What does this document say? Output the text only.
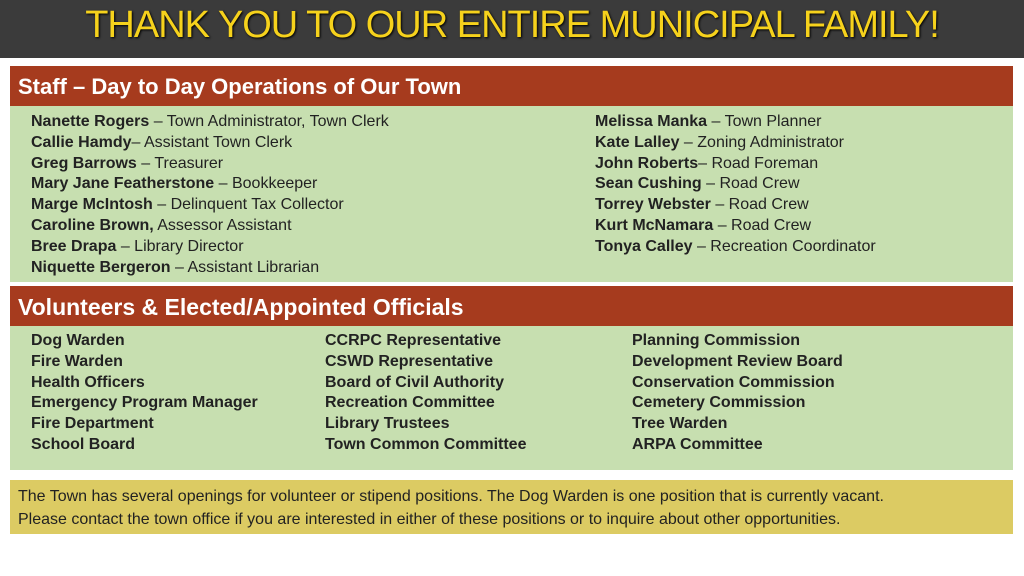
THANK YOU TO OUR ENTIRE MUNICIPAL FAMILY!
Staff – Day to Day Operations of Our Town
Nanette Rogers – Town Administrator, Town Clerk
Callie Hamdy– Assistant Town Clerk
Greg Barrows – Treasurer
Mary Jane Featherstone – Bookkeeper
Marge McIntosh – Delinquent Tax Collector
Caroline Brown, Assessor Assistant
Bree Drapa – Library Director
Niquette Bergeron – Assistant Librarian
Melissa Manka – Town Planner
Kate Lalley – Zoning Administrator
John Roberts– Road Foreman
Sean Cushing – Road Crew
Torrey Webster – Road Crew
Kurt McNamara – Road Crew
Tonya Calley – Recreation Coordinator
Volunteers & Elected/Appointed Officials
Dog Warden
Fire Warden
Health Officers
Emergency Program Manager
Fire Department
School Board
CCRPC Representative
CSWD Representative
Board of Civil Authority
Recreation Committee
Library Trustees
Town Common Committee
Planning Commission
Development Review Board
Conservation Commission
Cemetery Commission
Tree Warden
ARPA Committee
The Town has several openings for volunteer or stipend positions. The Dog Warden is one position that is currently vacant.
Please contact the town office if you are interested in either of these positions or to inquire about other opportunities.
